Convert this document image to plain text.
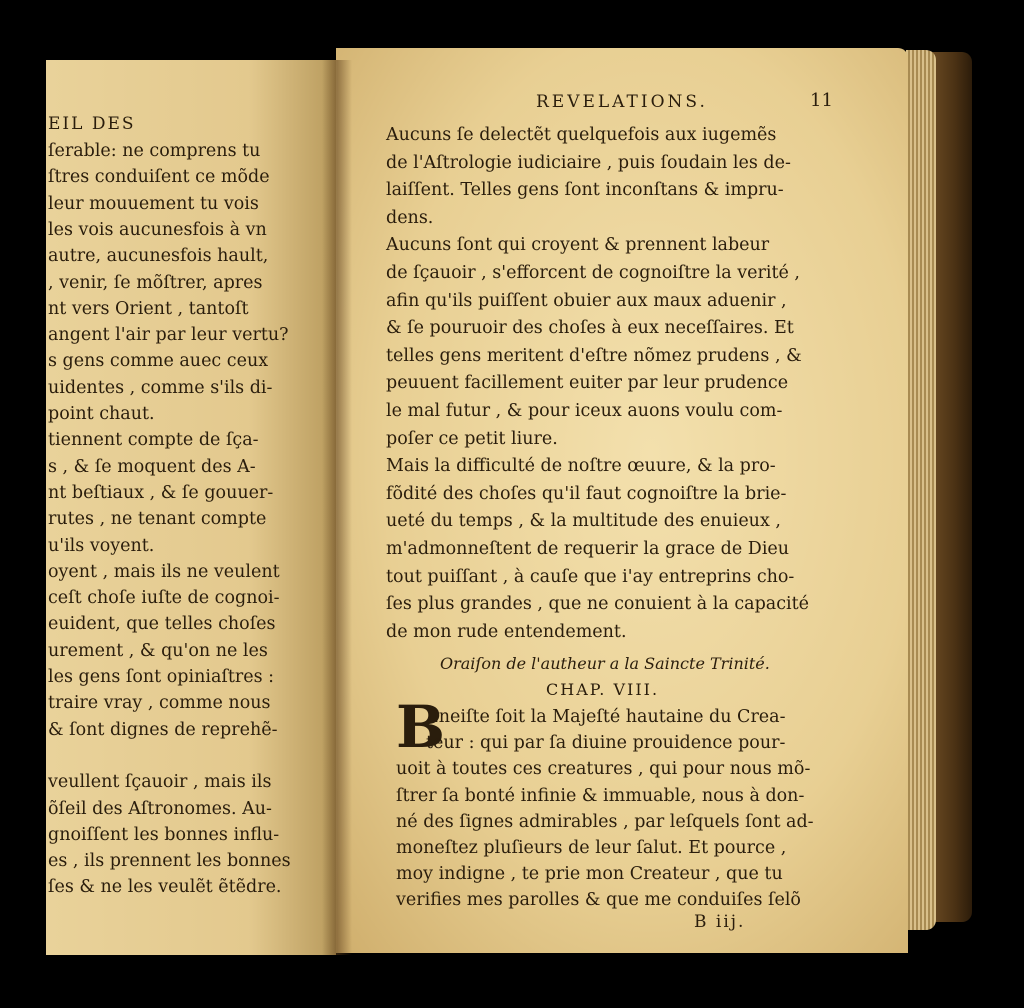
EIL DES
ſerable: ne comprens tu
ſtres conduiſent ce mõde
leur mouuement tu vois
les vois aucunesfois à vn
autre, aucunesfois hault,
, venir, ſe mõſtrer, apres
nt vers Orient , tantoſt
angent l'air par leur vertu?
s gens comme auec ceux
uidentes , comme s'ils di-
point chaut.
tiennent compte de ſça-
s , & ſe moquent des A-
nt beſtiaux , & ſe gouuer-
rutes , ne tenant compte
u'ils voyent.
oyent , mais ils ne veulent
ceſt choſe iuſte de cognoi-
euident, que telles choſes
urement , & qu'on ne les
les gens ſont opiniaſtres :
traire vray , comme nous
& ſont dignes de reprehẽ-
veullent ſçauoir , mais ils
õſeil des Aſtronomes. Au-
gnoiſſent les bonnes influ-
es , ils prennent les bonnes
ſes & ne les veulẽt ẽtẽdre.
REVELATIONS.	11
Aucuns ſe delectẽt quelquefois aux iugemẽs
de l'Aſtrologie iudiciaire , puis ſoudain les de-
laiſſent. Telles gens ſont inconſtans & impru-
dens.
Aucuns ſont qui croyent & prennent labeur
de ſçauoir , s'efforcent de cognoiſtre la verité ,
afin qu'ils puiſſent obuier aux maux aduenir ,
& ſe pouruoir des choſes à eux neceſſaires. Et
telles gens meritent d'eſtre nõmez prudens , &
peuuent facillement euiter par leur prudence
le mal futur , & pour iceux auons voulu com-
poſer ce petit liure.
Mais la difficulté de noſtre œuure, & la pro-
fõdité des choſes qu'il faut cognoiſtre la brie-
ueté du temps , & la multitude des enuieux ,
m'admonneſtent de requerir la grace de Dieu
tout puiſſant , à cauſe que i'ay entreprins cho-
ſes plus grandes , que ne conuient à la capacité
de mon rude entendement.
Oraiſon de l'autheur a la Saincte Trinité.
CHAP. VIII.
B
Eneiſte ſoit la Majeſté hautaine du Crea-
teur : qui par ſa diuine prouidence pour-
uoit à toutes ces creatures , qui pour nous mõ-
ſtrer ſa bonté infinie & immuable, nous à don-
né des ſignes admirables , par leſquels ſont ad-
moneſtez pluſieurs de leur ſalut. Et pource ,
moy indigne , te prie mon Createur , que tu
verifies mes parolles & que me conduiſes ſelõ
B iij.
